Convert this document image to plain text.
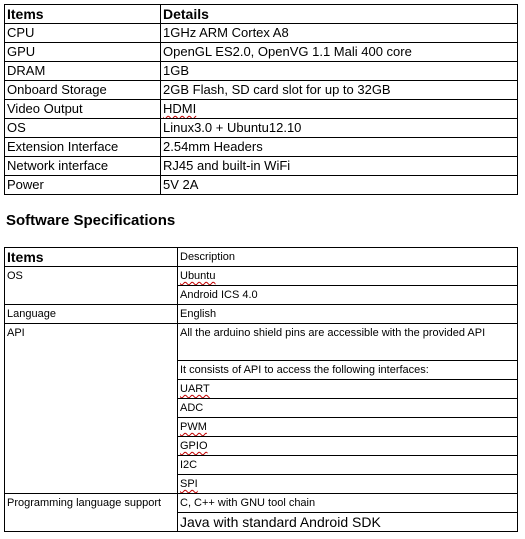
Items	Details
CPU	1GHz ARM Cortex A8
GPU	OpenGL ES2.0, OpenVG 1.1 Mali 400 core
DRAM	1GB
Onboard Storage	2GB Flash, SD card slot for up to 32GB
Video Output	HDMI
OS	Linux3.0 + Ubuntu12.10
Extension Interface	2.54mm Headers
Network interface	RJ45 and built-in WiFi
Power	5V 2A
Software Specifications
Items	Description
OS	Ubuntu
	Android ICS 4.0
Language	English
API	All the arduino shield pins are accessible with the provided API
	It consists of API to access the following interfaces:
	UART
	ADC
	PWM
	GPIO
	I2C
	SPI
Programming language support	C, C++ with GNU tool chain
	Java with standard Android SDK
